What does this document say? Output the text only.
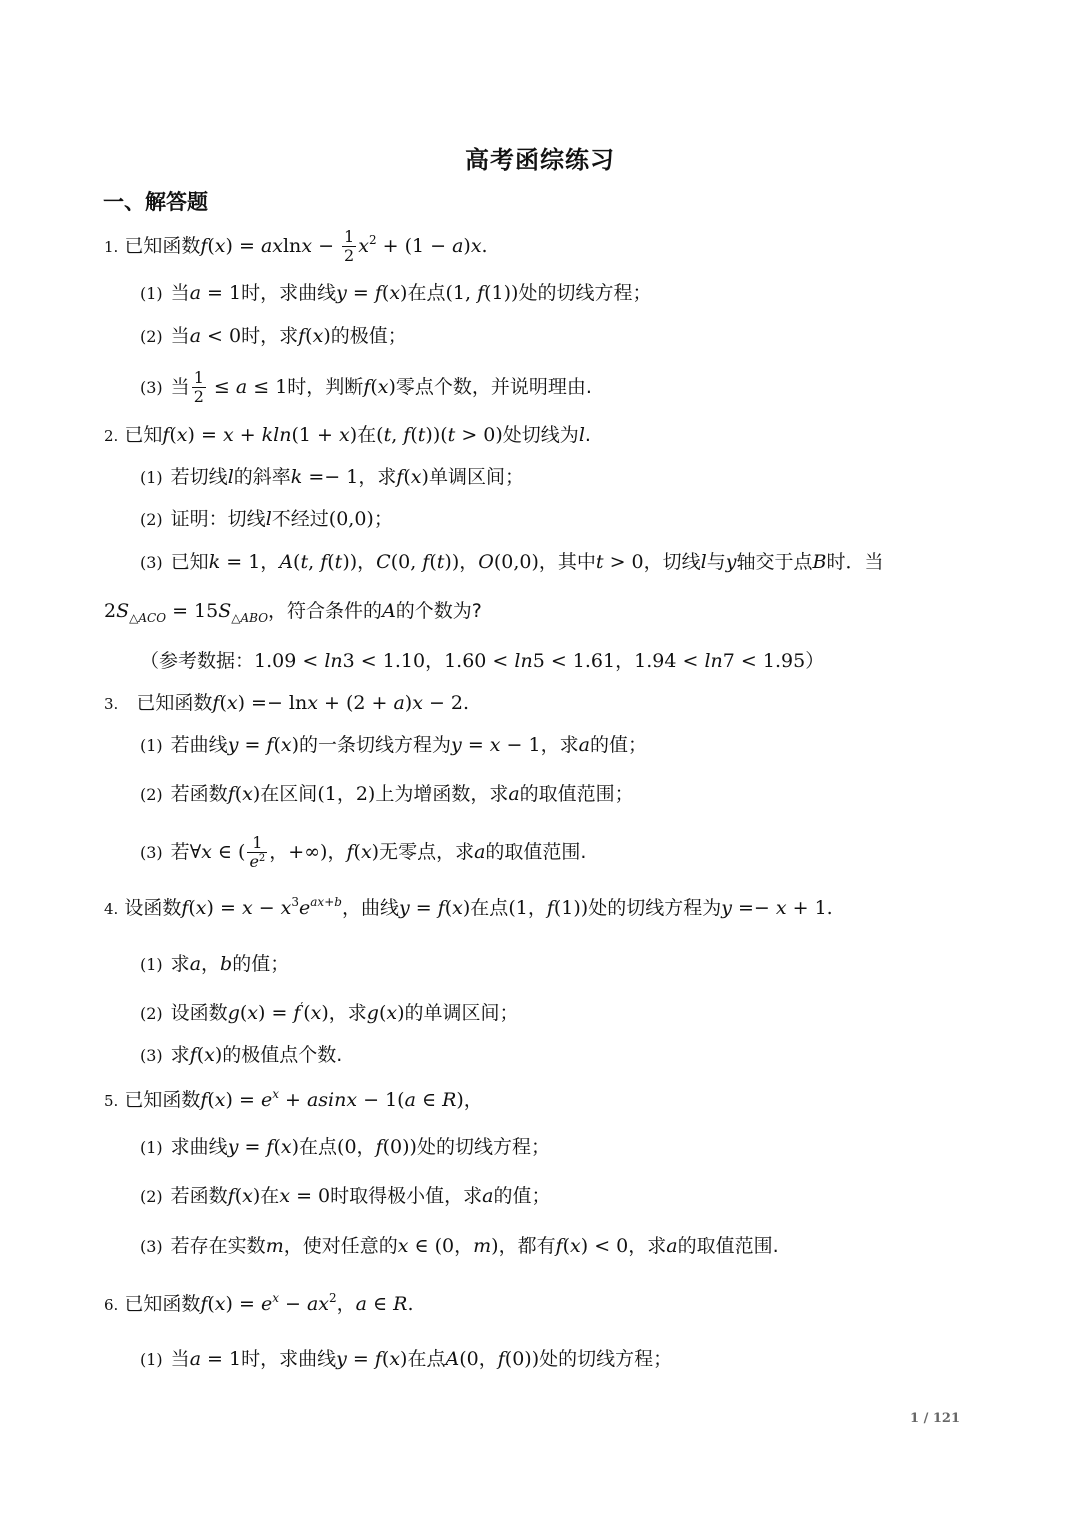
高考函综练习
一、解答题
1. 已知函数$f(x) = axlnx - \frac{1}{2} x^2 + (1 - a)x$.
(1) 当a = 1时，求曲线y = f(x)在点(1, f(1))处的切线方程；
(2) 当a < 0时，求f(x)的极值；
(3) 当 $\frac{1}{2} \le a \le 1$时，判断f(x)零点个数，并说明理由.
2. 已知f(x) = x + kln(1 + x)在(t, f(t))(t > 0)处切线为l.
(1) 若切线l的斜率k =− 1，求f(x)单调区间；
(2) 证明：切线l不经过(0,0)；
(3) 已知k = 1，A(t, f(t))，C(0, f(t))，O(0,0)，其中t > 0，切线l与y轴交于点B时．当
$2S_{\triangle ACO} = 15S_{\triangle ABO}$，符合条件的A的个数为?
（参考数据：1.09 < ln3 < 1.10，1.60 < ln5 < 1.61，1.94 < ln7 < 1.95）
3.  已知函数f(x) =− lnx + (2 + a)x − 2.
(1) 若曲线y = f(x)的一条切线方程为y = x − 1，求a的值；
(2) 若函数f(x)在区间(1，2)上为增函数，求a的取值范围；
(3) 若∀x ∈ ( $\frac{1}{e^2}$ ，+∞)，f(x)无零点，求a的取值范围.
4. 设函数$f(x) = x - x^3e^{ax+b}$，曲线y = f(x)在点(1，f(1))处的切线方程为y =− x + 1.
(1) 求a，b的值；
(2) 设函数g(x) = f′(x)，求g(x)的单调区间；
(3) 求f(x)的极值点个数.
5. 已知函数$f(x) = e^x + asinx - 1(a$ ∈ R)，
(1) 求曲线y = f(x)在点(0，f(0))处的切线方程；
(2) 若函数f(x)在x = 0时取得极小值，求a的值；
(3) 若存在实数m，使对任意的x ∈ (0，m)，都有f(x) < 0，求a的取值范围.
6. 已知函数$f(x) = e^x - ax^2$，a ∈ R.
(1) 当a = 1时，求曲线y = f(x)在点A(0，f(0))处的切线方程；
1 / 121
